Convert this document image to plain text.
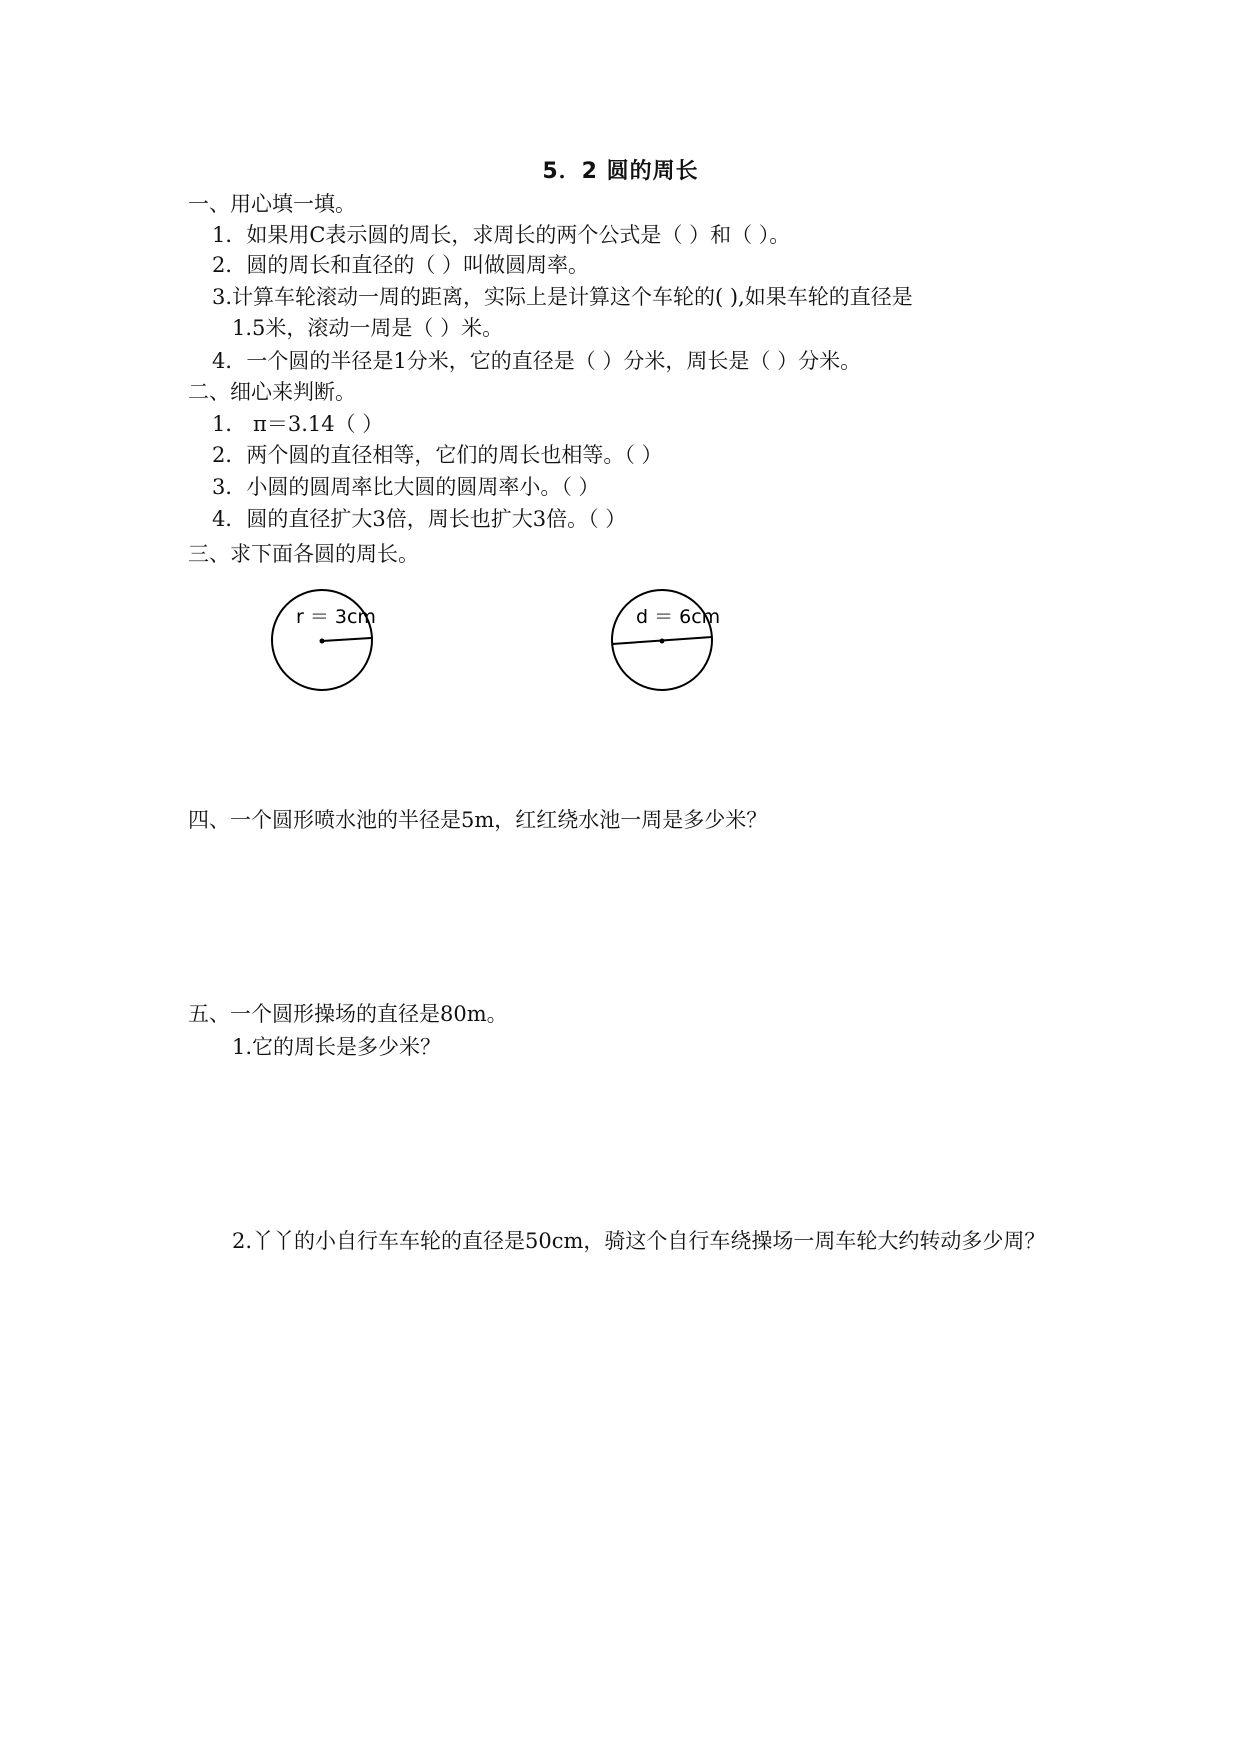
5．2 圆的周长
一、用心填一填。
1．如果用C表示圆的周长，求周长的两个公式是（ ）和（ ）。
2．圆的周长和直径的（ ）叫做圆周率。
3.计算车轮滚动一周的距离，实际上是计算这个车轮的( ),如果车轮的直径是
1.5米，滚动一周是（ ）米。
4．一个圆的半径是1分米，它的直径是（ ）分米，周长是（ ）分米。
二、细心来判断。
1． π＝3.14（ ）
2．两个圆的直径相等，它们的周长也相等。（ ）
3．小圆的圆周率比大圆的圆周率小。（ ）
4．圆的直径扩大3倍，周长也扩大3倍。（ ）
三、求下面各圆的周长。
r ＝ 3cm	d ＝ 6cm
四、一个圆形喷水池的半径是5m，红红绕水池一周是多少米？
五、一个圆形操场的直径是80m。
1.它的周长是多少米？
2.丫丫的小自行车车轮的直径是50cm，骑这个自行车绕操场一周车轮大约转动多少周？
